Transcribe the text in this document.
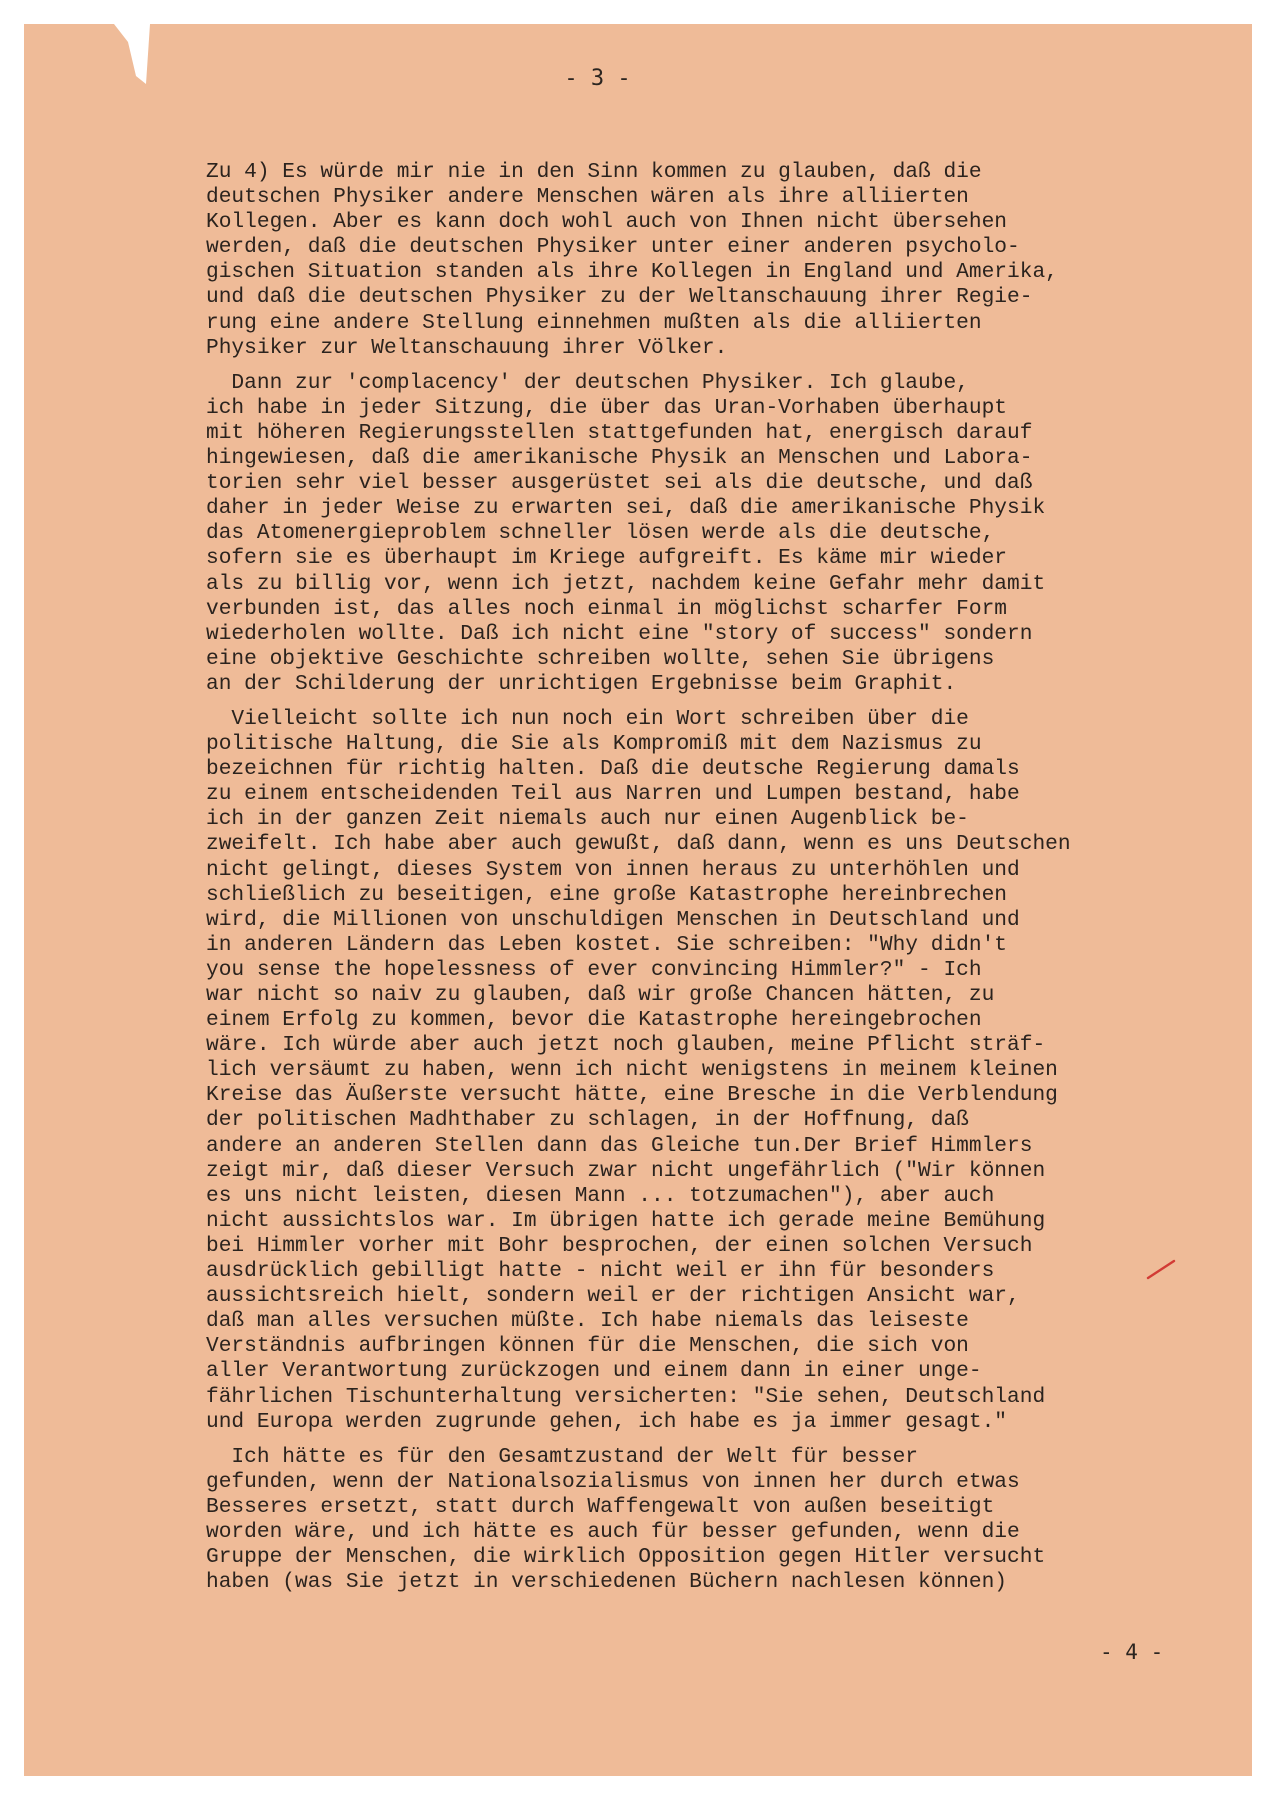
- 3 -
Zu 4) Es würde mir nie in den Sinn kommen zu glauben, daß die
deutschen Physiker andere Menschen wären als ihre alliierten
Kollegen. Aber es kann doch wohl auch von Ihnen nicht übersehen
werden, daß die deutschen Physiker unter einer anderen psycholo-
gischen Situation standen als ihre Kollegen in England und Amerika,
und daß die deutschen Physiker zu der Weltanschauung ihrer Regie-
rung eine andere Stellung einnehmen mußten als die alliierten
Physiker zur Weltanschauung ihrer Völker.
Dann zur 'complacency' der deutschen Physiker. Ich glaube,
ich habe in jeder Sitzung, die über das Uran-Vorhaben überhaupt
mit höheren Regierungsstellen stattgefunden hat, energisch darauf
hingewiesen, daß die amerikanische Physik an Menschen und Labora-
torien sehr viel besser ausgerüstet sei als die deutsche, und daß
daher in jeder Weise zu erwarten sei, daß die amerikanische Physik
das Atomenergieproblem schneller lösen werde als die deutsche,
sofern sie es überhaupt im Kriege aufgreift. Es käme mir wieder
als zu billig vor, wenn ich jetzt, nachdem keine Gefahr mehr damit
verbunden ist, das alles noch einmal in möglichst scharfer Form
wiederholen wollte. Daß ich nicht eine "story of success" sondern
eine objektive Geschichte schreiben wollte, sehen Sie übrigens
an der Schilderung der unrichtigen Ergebnisse beim Graphit.
Vielleicht sollte ich nun noch ein Wort schreiben über die
politische Haltung, die Sie als Kompromiß mit dem Nazismus zu
bezeichnen für richtig halten. Daß die deutsche Regierung damals
zu einem entscheidenden Teil aus Narren und Lumpen bestand, habe
ich in der ganzen Zeit niemals auch nur einen Augenblick be-
zweifelt. Ich habe aber auch gewußt, daß dann, wenn es uns Deutschen
nicht gelingt, dieses System von innen heraus zu unterhöhlen und
schließlich zu beseitigen, eine große Katastrophe hereinbrechen
wird, die Millionen von unschuldigen Menschen in Deutschland und
in anderen Ländern das Leben kostet. Sie schreiben: "Why didn't
you sense the hopelessness of ever convincing Himmler?" - Ich
war nicht so naiv zu glauben, daß wir große Chancen hätten, zu
einem Erfolg zu kommen, bevor die Katastrophe hereingebrochen
wäre. Ich würde aber auch jetzt noch glauben, meine Pflicht sträf-
lich versäumt zu haben, wenn ich nicht wenigstens in meinem kleinen
Kreise das Äußerste versucht hätte, eine Bresche in die Verblendung
der politischen Madhthaber zu schlagen, in der Hoffnung, daß
andere an anderen Stellen dann das Gleiche tun.Der Brief Himmlers
zeigt mir, daß dieser Versuch zwar nicht ungefährlich ("Wir können
es uns nicht leisten, diesen Mann ... totzumachen"), aber auch
nicht aussichtslos war. Im übrigen hatte ich gerade meine Bemühung
bei Himmler vorher mit Bohr besprochen, der einen solchen Versuch
ausdrücklich gebilligt hatte - nicht weil er ihn für besonders
aussichtsreich hielt, sondern weil er der richtigen Ansicht war,
daß man alles versuchen müßte. Ich habe niemals das leiseste
Verständnis aufbringen können für die Menschen, die sich von
aller Verantwortung zurückzogen und einem dann in einer unge-
fährlichen Tischunterhaltung versicherten: "Sie sehen, Deutschland
und Europa werden zugrunde gehen, ich habe es ja immer gesagt."
Ich hätte es für den Gesamtzustand der Welt für besser
gefunden, wenn der Nationalsozialismus von innen her durch etwas
Besseres ersetzt, statt durch Waffengewalt von außen beseitigt
worden wäre, und ich hätte es auch für besser gefunden, wenn die
Gruppe der Menschen, die wirklich Opposition gegen Hitler versucht
haben (was Sie jetzt in verschiedenen Büchern nachlesen können)
- 4 -
